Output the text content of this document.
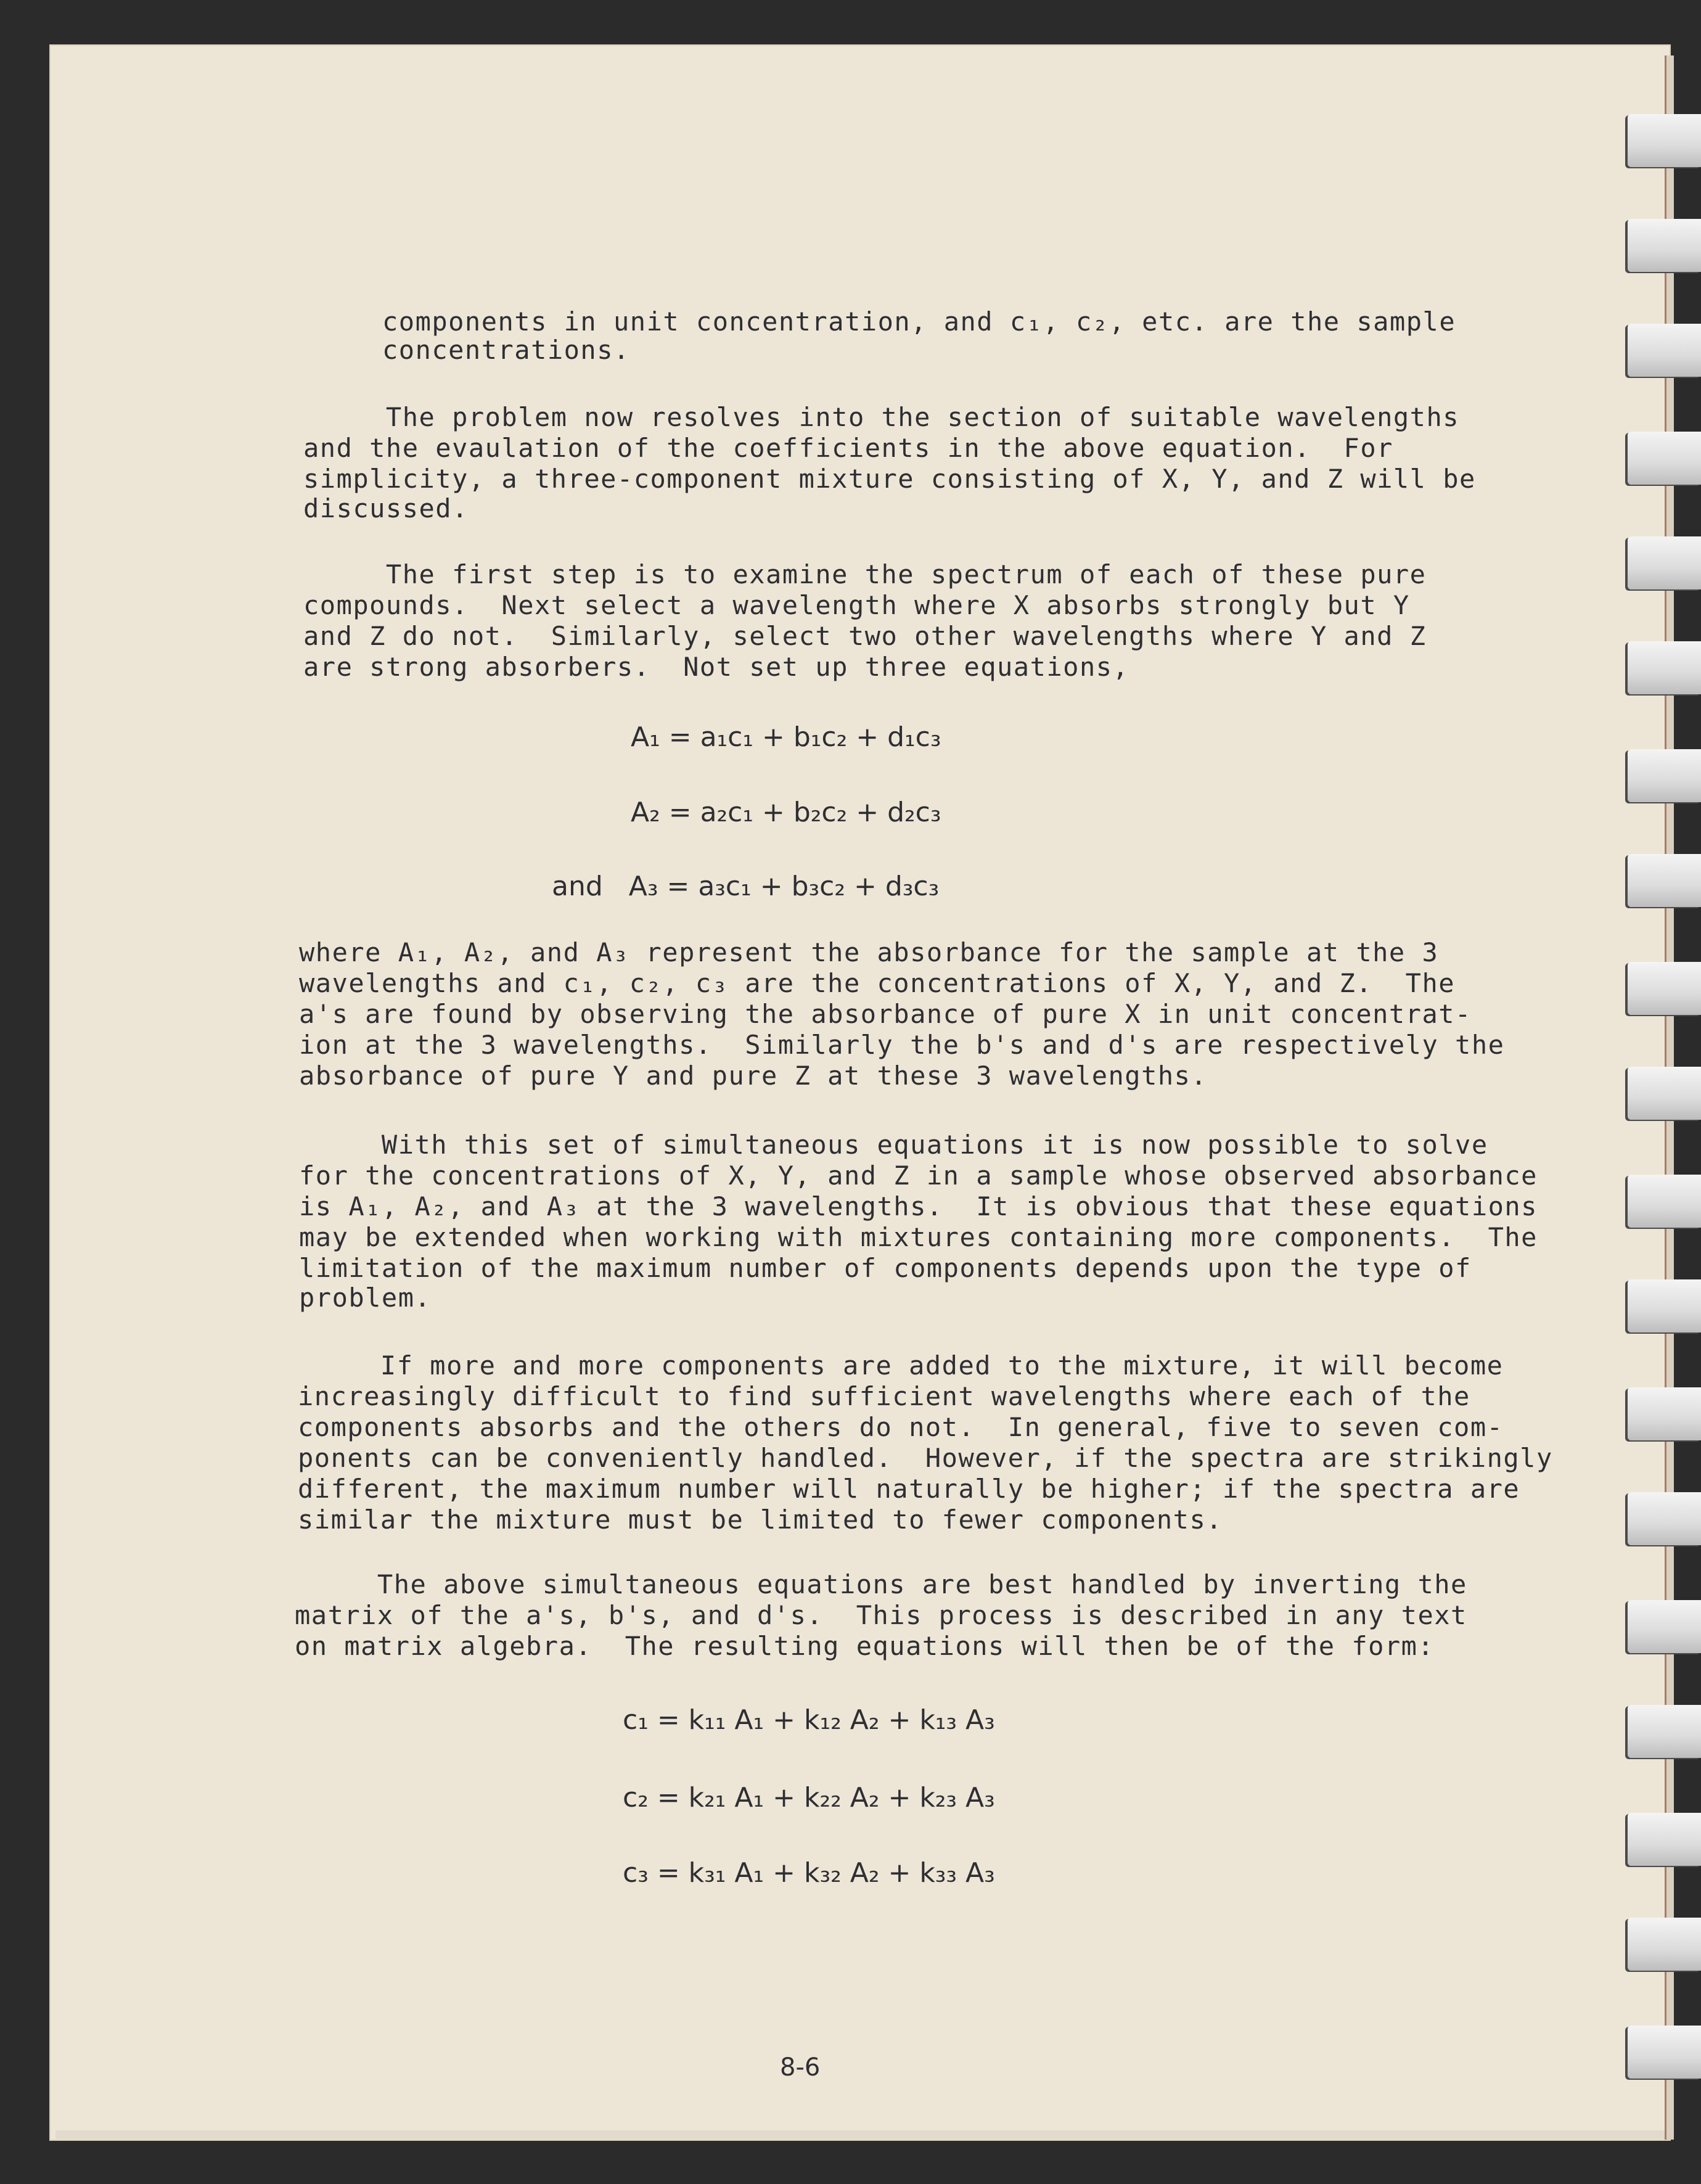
components in unit concentration, and c₁, c₂, etc. are the sample
concentrations.
The problem now resolves into the section of suitable wavelengths
and the evaulation of the coefficients in the above equation.  For
simplicity, a three-component mixture consisting of X, Y, and Z will be
discussed.
The first step is to examine the spectrum of each of these pure
compounds.  Next select a wavelength where X absorbs strongly but Y
and Z do not.  Similarly, select two other wavelengths where Y and Z
are strong absorbers.  Not set up three equations,
A₁ = a₁c₁ + b₁c₂ + d₁c₃
A₂ = a₂c₁ + b₂c₂ + d₂c₃
and   A₃ = a₃c₁ + b₃c₂ + d₃c₃
where A₁, A₂, and A₃ represent the absorbance for the sample at the 3
wavelengths and c₁, c₂, c₃ are the concentrations of X, Y, and Z.  The
a's are found by observing the absorbance of pure X in unit concentrat-
ion at the 3 wavelengths.  Similarly the b's and d's are respectively the
absorbance of pure Y and pure Z at these 3 wavelengths.
With this set of simultaneous equations it is now possible to solve
for the concentrations of X, Y, and Z in a sample whose observed absorbance
is A₁, A₂, and A₃ at the 3 wavelengths.  It is obvious that these equations
may be extended when working with mixtures containing more components.  The
limitation of the maximum number of components depends upon the type of
problem.
If more and more components are added to the mixture, it will become
increasingly difficult to find sufficient wavelengths where each of the
components absorbs and the others do not.  In general, five to seven com-
ponents can be conveniently handled.  However, if the spectra are strikingly
different, the maximum number will naturally be higher; if the spectra are
similar the mixture must be limited to fewer components.
The above simultaneous equations are best handled by inverting the
matrix of the a's, b's, and d's.  This process is described in any text
on matrix algebra.  The resulting equations will then be of the form:
c₁ = k₁₁ A₁ + k₁₂ A₂ + k₁₃ A₃
c₂ = k₂₁ A₁ + k₂₂ A₂ + k₂₃ A₃
c₃ = k₃₁ A₁ + k₃₂ A₂ + k₃₃ A₃
8-6
